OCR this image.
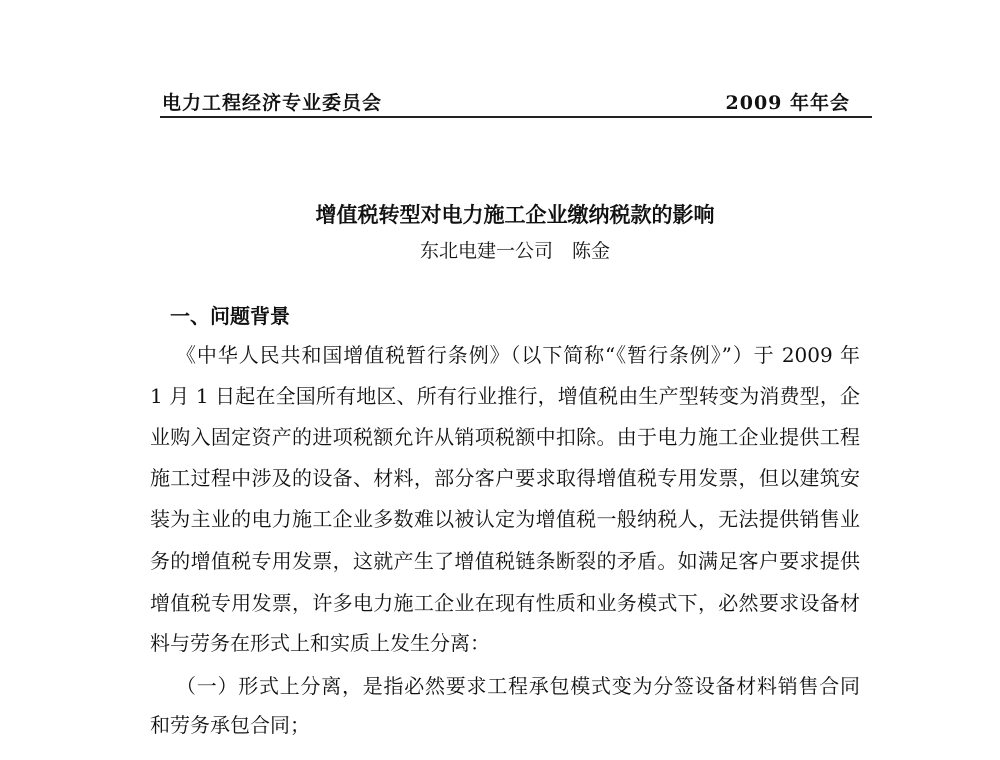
电力工程经济专业委员会	2009 年年会
增值税转型对电力施工企业缴纳税款的影响
东北电建一公司　陈金
一、问题背景
《中华人民共和国增值税暂行条例》（以下简称“《暂行条例》”）于 2009 年
1 月 1 日起在全国所有地区、所有行业推行，增值税由生产型转变为消费型，企
业购入固定资产的进项税额允许从销项税额中扣除。由于电力施工企业提供工程
施工过程中涉及的设备、材料，部分客户要求取得增值税专用发票，但以建筑安
装为主业的电力施工企业多数难以被认定为增值税一般纳税人，无法提供销售业
务的增值税专用发票，这就产生了增值税链条断裂的矛盾。如满足客户要求提供
增值税专用发票，许多电力施工企业在现有性质和业务模式下，必然要求设备材
料与劳务在形式上和实质上发生分离：
（一）形式上分离，是指必然要求工程承包模式变为分签设备材料销售合同
和劳务承包合同；
